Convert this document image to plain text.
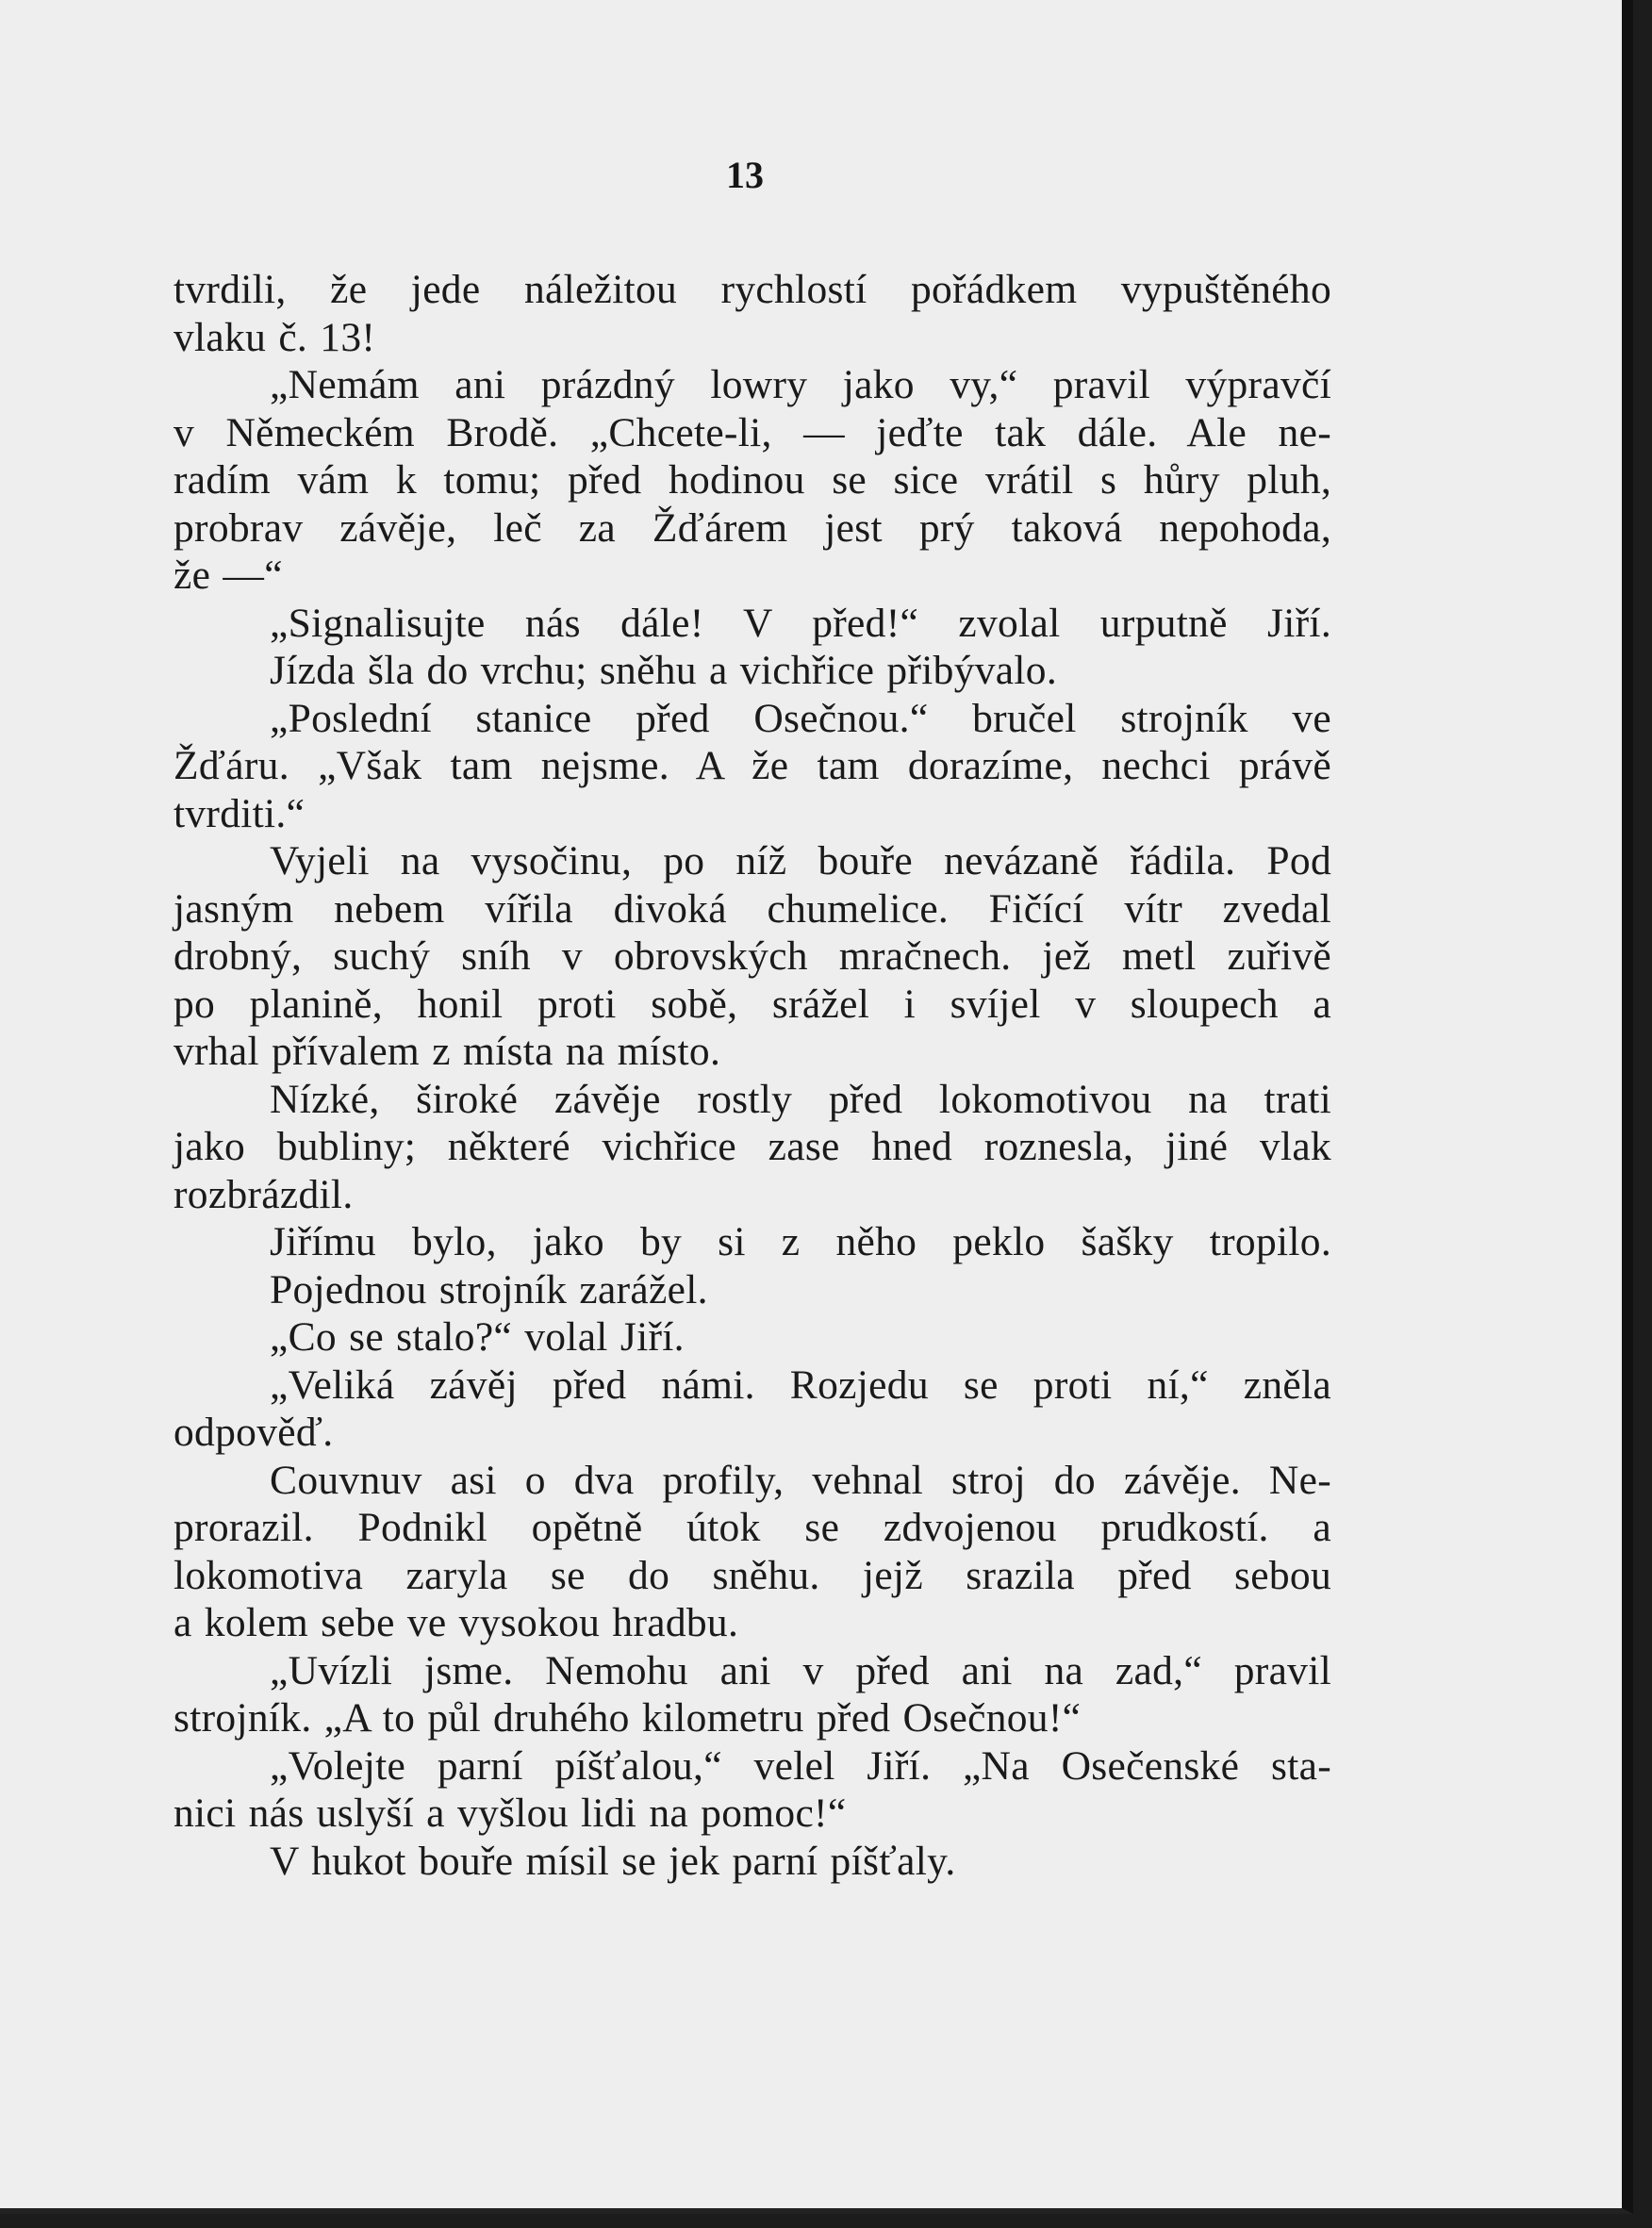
13
tvrdili, že jede náležitou rychlostí pořádkem vypuštěného
vlaku č. 13!
„Nemám ani prázdný lowry jako vy,“ pravil výpravčí
v Německém Brodě. „Chcete-li, — jeďte tak dále. Ale ne-
radím vám k tomu; před hodinou se sice vrátil s hůry pluh,
probrav závěje, leč za Žďárem jest prý taková nepohoda,
že —“
„Signalisujte nás dále! V před!“ zvolal urputně Jiří.
Jízda šla do vrchu; sněhu a vichřice přibývalo.
„Poslední stanice před Osečnou.“ bručel strojník ve
Žďáru. „Však tam nejsme. A že tam dorazíme, nechci právě
tvrditi.“
Vyjeli na vysočinu, po níž bouře nevázaně řádila. Pod
jasným nebem vířila divoká chumelice. Fičící vítr zvedal
drobný, suchý sníh v obrovských mračnech. jež metl zuřivě
po planině, honil proti sobě, srážel i svíjel v sloupech a
vrhal přívalem z místa na místo.
Nízké, široké závěje rostly před lokomotivou na trati
jako bubliny; některé vichřice zase hned roznesla, jiné vlak
rozbrázdil.
Jiřímu bylo, jako by si z něho peklo šašky tropilo.
Pojednou strojník zarážel.
„Co se stalo?“ volal Jiří.
„Veliká závěj před námi. Rozjedu se proti ní,“ zněla
odpověď.
Couvnuv asi o dva profily, vehnal stroj do závěje. Ne-
prorazil. Podnikl opětně útok se zdvojenou prudkostí. a
lokomotiva zaryla se do sněhu. jejž srazila před sebou
a kolem sebe ve vysokou hradbu.
„Uvízli jsme. Nemohu ani v před ani na zad,“ pravil
strojník. „A to půl druhého kilometru před Osečnou!“
„Volejte parní píšťalou,“ velel Jiří. „Na Osečenské sta-
nici nás uslyší a vyšlou lidi na pomoc!“
V hukot bouře mísil se jek parní píšťaly.
